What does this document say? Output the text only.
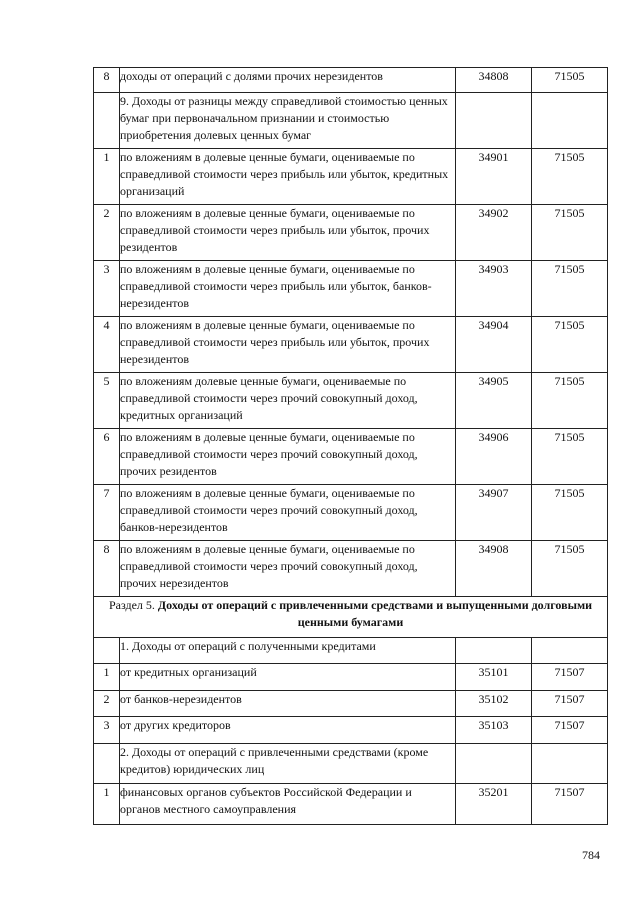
8	доходы от операций с долями прочих нерезидентов	34808	71505
	9. Доходы от разницы между справедливой стоимостью ценных бумаг при первоначальном признании и стоимостью приобретения долевых ценных бумаг		
1	по вложениям в долевые ценные бумаги, оцениваемые по справедливой стоимости через прибыль или убыток, кредитных организаций	34901	71505
2	по вложениям в долевые ценные бумаги, оцениваемые по справедливой стоимости через прибыль или убыток, прочих резидентов	34902	71505
3	по вложениям в долевые ценные бумаги, оцениваемые по справедливой стоимости через прибыль или убыток, банков-нерезидентов	34903	71505
4	по вложениям в долевые ценные бумаги, оцениваемые по справедливой стоимости через прибыль или убыток, прочих нерезидентов	34904	71505
5	по вложениям долевые ценные бумаги, оцениваемые по справедливой стоимости через прочий совокупный доход, кредитных организаций	34905	71505
6	по вложениям в долевые ценные бумаги, оцениваемые по справедливой стоимости через прочий совокупный доход, прочих резидентов	34906	71505
7	по вложениям в долевые ценные бумаги, оцениваемые по справедливой стоимости через прочий совокупный доход, банков-нерезидентов	34907	71505
8	по вложениям в долевые ценные бумаги, оцениваемые по справедливой стоимости через прочий совокупный доход, прочих нерезидентов	34908	71505
Раздел 5. Доходы от операций с привлеченными средствами и выпущенными долговыми ценными бумагами			
	1. Доходы от операций с полученными кредитами		
1	от кредитных организаций	35101	71507
2	от банков-нерезидентов	35102	71507
3	от других кредиторов	35103	71507
	2. Доходы от операций с привлеченными средствами (кроме кредитов) юридических лиц		
1	финансовых органов субъектов Российской Федерации и органов местного самоуправления	35201	71507
784
